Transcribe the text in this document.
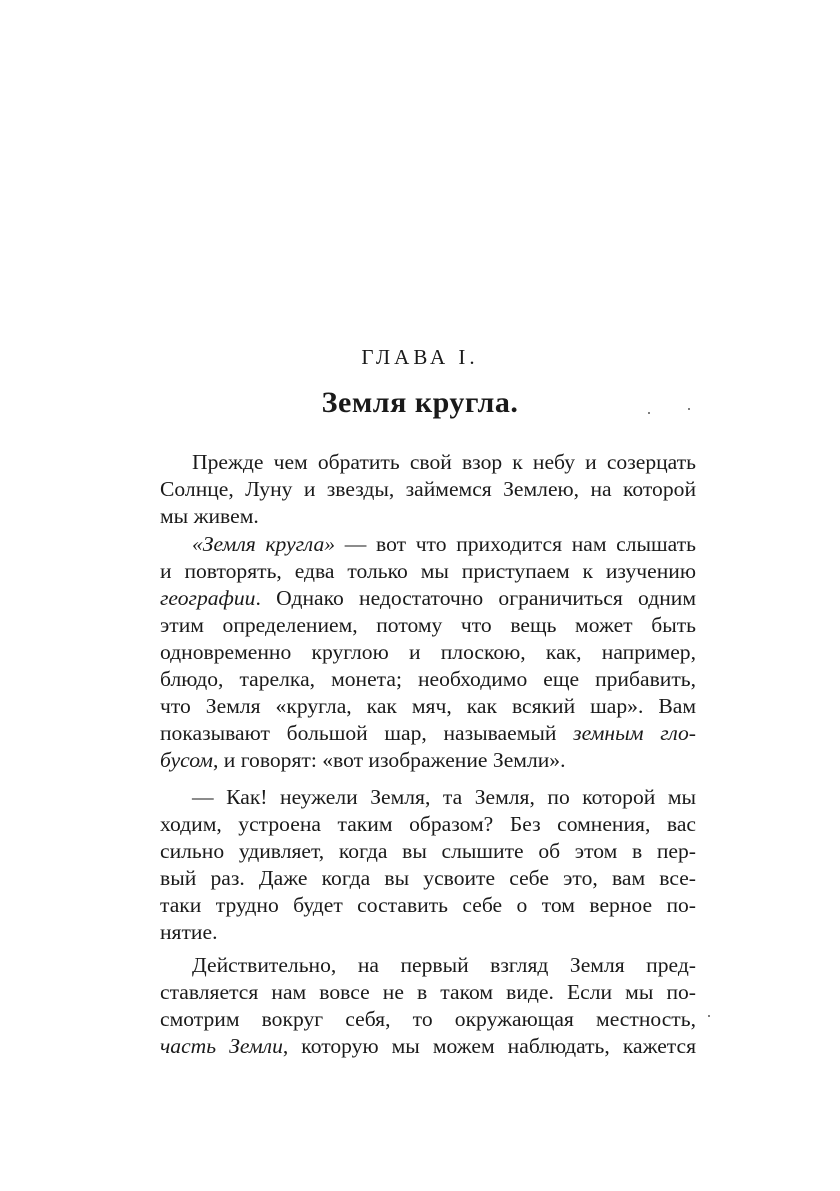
ГЛАВА I.
Земля кругла.
Прежде чем обратить свой взор к небу и созерцать
Солнце, Луну и звезды, займемся Землею, на которой
мы живем.
«Земля кругла» — вот что приходится нам слышать
и повторять, едва только мы приступаем к изучению
географии. Однако недостаточно ограничиться одним
этим определением, потому что вещь может быть
одновременно круглою и плоскою, как, например,
блюдо, тарелка, монета; необходимо еще прибавить,
что Земля «кругла, как мяч, как всякий шар». Вам
показывают большой шар, называемый земным гло-
бусом, и говорят: «вот изображение Земли».
— Как! неужели Земля, та Земля, по которой мы
ходим, устроена таким образом? Без сомнения, вас
сильно удивляет, когда вы слышите об этом в пер-
вый раз. Даже когда вы усвоите себе это, вам все-
таки трудно будет составить себе о том верное по-
нятие.
Действительно, на первый взгляд Земля пред-
ставляется нам вовсе не в таком виде. Если мы по-
смотрим вокруг себя, то окружающая местность,
часть Земли, которую мы можем наблюдать, кажется
